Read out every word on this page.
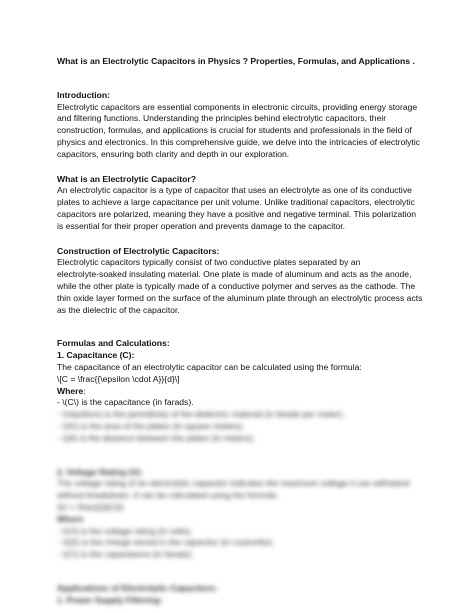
What is an Electrolytic Capacitors in Physics ? Properties, Formulas, and Applications .

Introduction:

Electrolytic capacitors are essential components in electronic circuits, providing energy storage

and filtering functions. Understanding the principles behind electrolytic capacitors, their

construction, formulas, and applications is crucial for students and professionals in the field of

physics and electronics. In this comprehensive guide, we delve into the intricacies of electrolytic

capacitors, ensuring both clarity and depth in our exploration.

What is an Electrolytic Capacitor?

An electrolytic capacitor is a type of capacitor that uses an electrolyte as one of its conductive

plates to achieve a large capacitance per unit volume. Unlike traditional capacitors, electrolytic

capacitors are polarized, meaning they have a positive and negative terminal. This polarization

is essential for their proper operation and prevents damage to the capacitor.

Construction of Electrolytic Capacitors:

Electrolytic capacitors typically consist of two conductive plates separated by an

electrolyte-soaked insulating material. One plate is made of aluminum and acts as the anode,

while the other plate is typically made of a conductive polymer and serves as the cathode. The

thin oxide layer formed on the surface of the aluminum plate through an electrolytic process acts

as the dielectric of the capacitor.

Formulas and Calculations:

1. Capacitance (C):

The capacitance of an electrolytic capacitor can be calculated using the formula:

\[C = \frac{{\epsilon \cdot A}}{d}\]

Where:

- \(C\) is the capacitance (in farads).

- \(\epsilon\) is the permittivity of the dielectric material (in farads per meter).

- \(A\) is the area of the plates (in square meters).

- \(d\) is the distance between the plates (in meters).

2. Voltage Rating (V):

The voltage rating of an electrolytic capacitor indicates the maximum voltage it can withstand

without breakdown. It can be calculated using the formula:

\[V = \frac{Q}{C}\]

Where

- \(V\) is the voltage rating (in volts).

- \(Q\) is the charge stored in the capacitor (in coulombs).

- \(C\) is the capacitance (in farads).

Applications of Electrolytic Capacitors:

1. Power Supply Filtering:
